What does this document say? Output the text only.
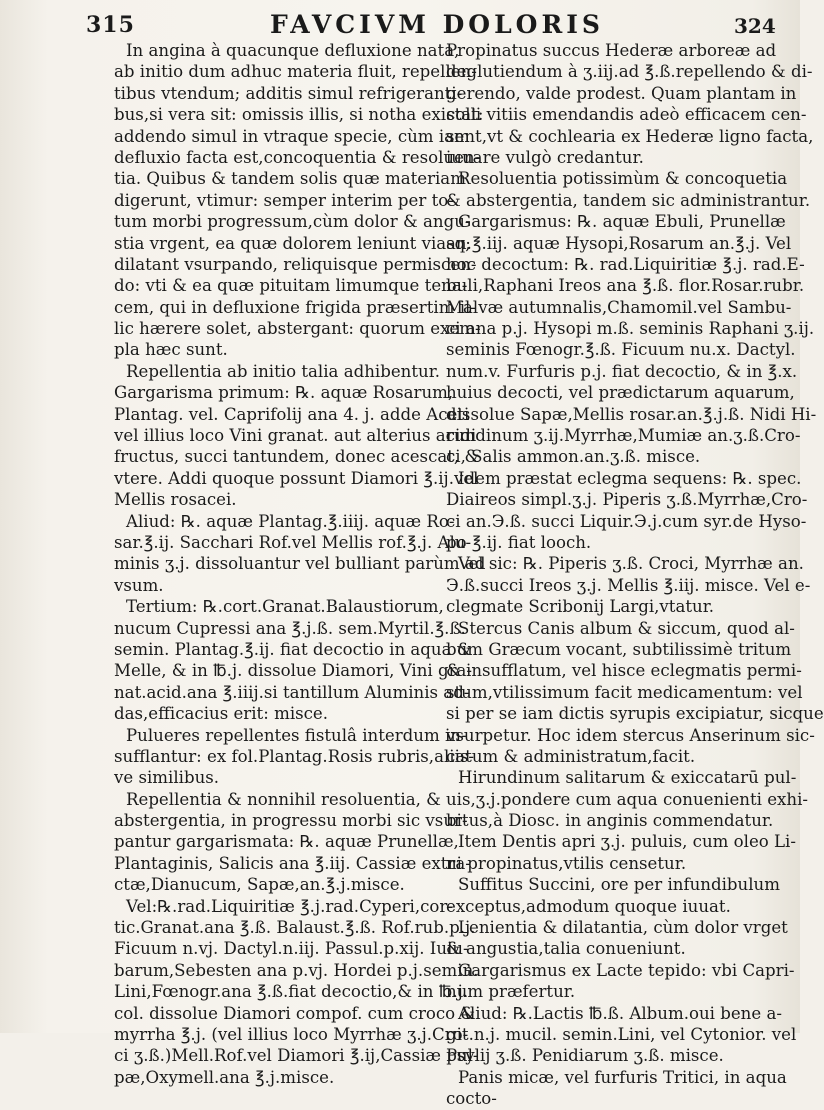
315	FAVCIVM DOLORIS	324
In angina à quacunque defluxione nata,
ab initio dum adhuc materia fluit, repellen-
tibus vtendum; additis simul refrigeranti-
bus,si vera sit: omissis illis, si notha existat:
addendo simul in vtraque specie, cùm iam
defluxio facta est,concoquentia & resoluen-
tia. Quibus & tandem solis quæ materiam
digerunt, vtimur: semper interim per to-
tum morbi progressum,cùm dolor & angu-
stia vrgent, ea quæ dolorem leniunt viasq;
dilatant vsurpando, reliquisque permiscen-
do: vti & ea quæ pituitam limumque tena-
cem, qui in defluxione frigida præsertim il-
lic hærere solet, abstergant: quorum exem-
pla hæc sunt.
Repellentia ab initio talia adhibentur.
Gargarisma primum: ℞. aquæ Rosarum,
Plantag. vel. Caprifolij ana 4. j. adde Aceti
vel illius loco Vini granat. aut alterius acidi
fructus, succi tantundem, donec acescat, &
vtere. Addi quoque possunt Diamori ℥.ij.vel
Mellis rosacei.
Aliud: ℞. aquæ Plantag.℥.iiij. aquæ Ro-
sar.℥.ij. Sacchari Rof.vel Mellis rof.℥.j. Alu-
minis ʒ.j. dissoluantur vel bulliant parùm ad
vsum.
Tertium: ℞.cort.Granat.Balaustiorum,
nucum Cupressi ana ℥.j.ß. sem.Myrtil.℥.ß.
semin. Plantag.℥.ij. fiat decoctio in aqua &
Melle, & in ℔.j. dissolue Diamori, Vini gra-
nat.acid.ana ℥.iiij.si tantillum Aluminis ad-
das,efficacius erit: misce.
Pulueres repellentes fistulâ interdum in-
sufflantur: ex fol.Plantag.Rosis rubris,aliis-
ve similibus.
Repellentia & nonnihil resoluentia, &
abstergentia, in progressu morbi sic vsur-
pantur gargarismata: ℞. aquæ Prunellæ,
Plantaginis, Salicis ana ℥.iij. Cassiæ extra-
ctæ,Dianucum, Sapæ,an.℥.j.misce.
Vel:℞.rad.Liquiritiæ ℥.j.rad.Cyperi,cor-
tic.Granat.ana ℥.ß. Balaust.℥.ß. Rof.rub.p.j.
Ficuum n.vj. Dactyl.n.iij. Passul.p.xij. Iuiu-
barum,Sebesten ana p.vj. Hordei p.j.semin.
Lini,Fœnogr.ana ℥.ß.fiat decoctio,& in ℔.j.
col. dissolue Diamori compof. cum croco &
myrrha ℥.j. (vel illius loco Myrrhæ ʒ.j.Cro-
ci ʒ.ß.)Mell.Rof.vel Diamori ℥.ij,Cassiæ pul-
pæ,Oxymell.ana ℥.j.misce.
Propinatus succus Hederæ arboreæ ad
deglutiendum à ʒ.iij.ad ℥.ß.repellendo & di-
gerendo, valde prodest. Quam plantam in
colli vitiis emendandis adeò efficacem cen-
sent,vt & cochlearia ex Hederæ ligno facta,
iuuare vulgò credantur.
Resoluentia potissimùm & concoquetia
& abstergentia, tandem sic administrantur.
Gargarismus: ℞. aquæ Ebuli, Prunellæ
an.℥.iij. aquæ Hysopi,Rosarum an.℥.j. Vel
hoc decoctum: ℞. rad.Liquiritiæ ℥.j. rad.E-
buli,Raphani Ireos ana ℥.ß. flor.Rosar.rubr.
Malvæ autumnalis,Chamomil.vel Sambu-
ci ana p.j. Hysopi m.ß. seminis Raphani ʒ.ij.
seminis Fœnogr.℥.ß. Ficuum nu.x. Dactyl.
num.v. Furfuris p.j. fiat decoctio, & in ℥.x.
huius decocti, vel prædictarum aquarum,
dissolue Sapæ,Mellis rosar.an.℥.j.ß. Nidi Hi-
rundinum ʒ.ij.Myrrhæ,Mumiæ an.ʒ.ß.Cro-
ci, Salis ammon.an.ʒ.ß. misce.
Idem præstat eclegma sequens: ℞. spec.
Diaireos simpl.ʒ.j. Piperis ʒ.ß.Myrrhæ,Cro-
ci an.Э.ß. succi Liquir.Э.j.cum syr.de Hyso-
po ℥.ij. fiat looch.
Vel sic: ℞. Piperis ʒ.ß. Croci, Myrrhæ an.
Э.ß.succi Ireos ʒ.j. Mellis ℥.iij. misce. Vel e-
clegmate Scribonij Largi,vtatur.
Stercus Canis album & siccum, quod al-
bum Græcum vocant, subtilissimè tritum
& insufflatum, vel hisce eclegmatis permi-
stum,vtilissimum facit medicamentum: vel
si per se iam dictis syrupis excipiatur, sicque
vsurpetur. Hoc idem stercus Anserinum sic-
catum & administratum,facit.
Hirundinum salitarum & exiccatarū pul-
uis,ʒ.j.pondere cum aqua conuenienti exhi-
bitus,à Diosc. in anginis commendatur.
Item Dentis apri ʒ.j. puluis, cum oleo Li-
ni propinatus,vtilis censetur.
Suffitus Succini, ore per infundibulum
exceptus,admodum quoque iuuat.
Lenientia & dilatantia, cùm dolor vrget
& angustia,talia conueniunt.
Gargarismus ex Lacte tepido: vbi Capri-
num præfertur.
Aliud: ℞.Lactis ℔.ß. Album.oui bene a-
git.n.j. mucil. semin.Lini, vel Cytonior. vel
Psylij ʒ.ß. Penidiarum ʒ.ß. misce.
Panis micæ, vel furfuris Tritici, in aqua
cocto-
